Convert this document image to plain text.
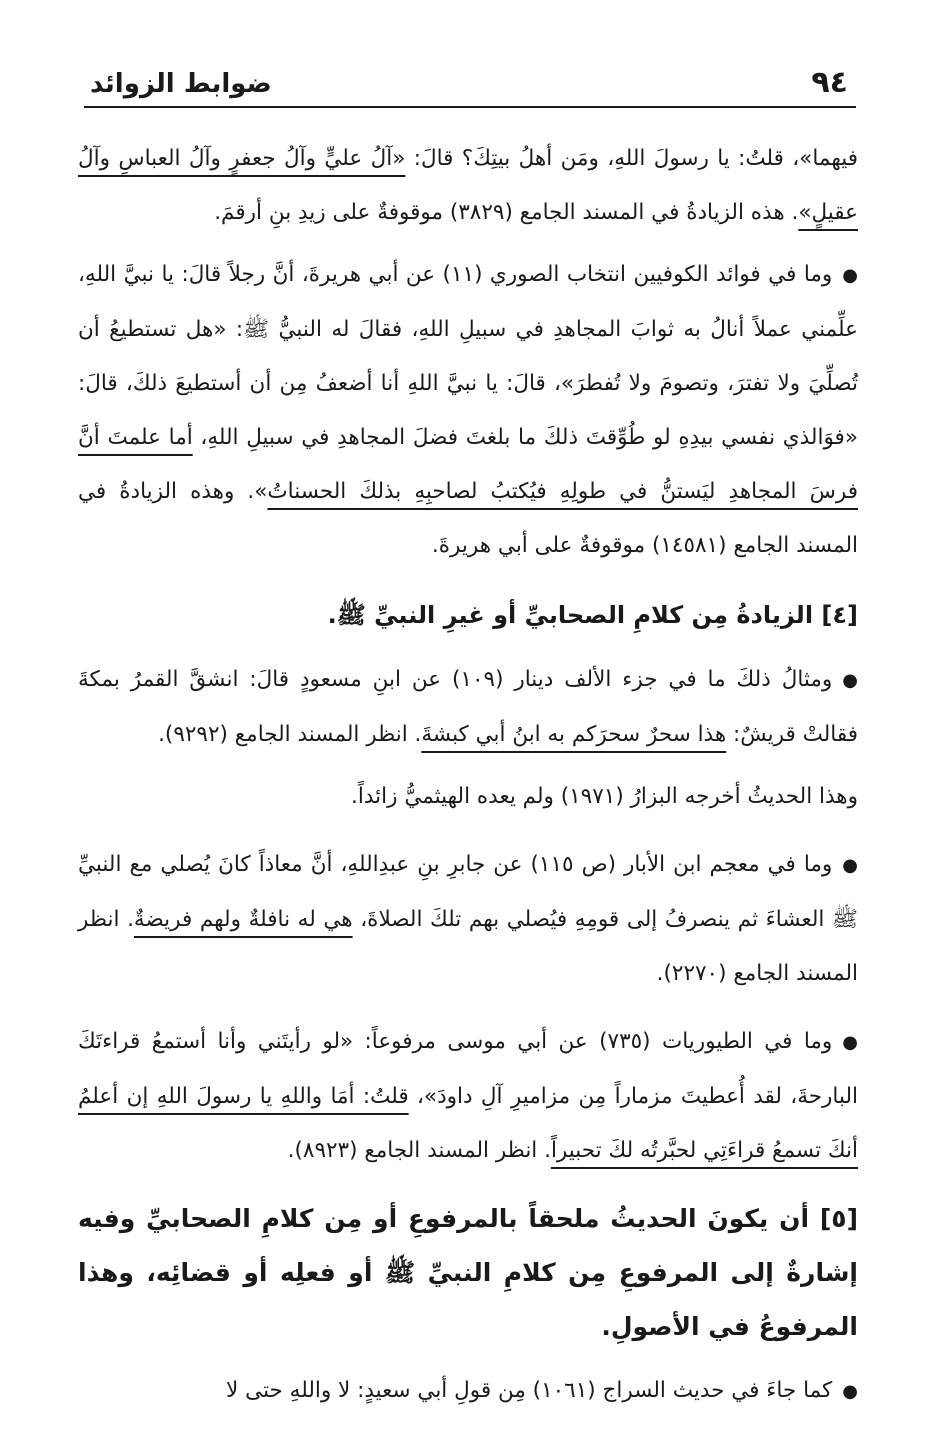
٩٤
ضوابط الزوائد

فيهما»، قلتُ: يا رسولَ اللهِ، ومَن أهلُ بيتِكَ؟ قالَ: «آلُ عليٍّ وآلُ جعفرٍ وآلُ العباسِ وآلُ عقيلٍ». هذه الزيادةُ في المسند الجامع (٣٨٢٩) موقوفةٌ على زيدِ بنِ أرقمَ.

●وما في فوائد الكوفيين انتخاب الصوري (١١) عن أبي هريرةَ، أنَّ رجلاً قالَ: يا نبيَّ اللهِ، علِّمني عملاً أنالُ به ثوابَ المجاهدِ في سبيلِ اللهِ، فقالَ له النبيُّ ﷺ: «هل تستطيعُ أن تُصلِّيَ ولا تفترَ، وتصومَ ولا تُفطرَ»، قالَ: يا نبيَّ اللهِ أنا أضعفُ مِن أن أستطيعَ ذلكَ، قالَ: «فوَالذي نفسي بيدِهِ لو طُوِّقتَ ذلكَ ما بلغتَ فضلَ المجاهدِ في سبيلِ اللهِ، أما علمتَ أنَّ فرسَ المجاهدِ ليَستنُّ في طولِهِ فيُكتبُ لصاحبِهِ بذلكَ الحسناتُ». وهذه الزيادةُ في المسند الجامع (١٤٥٨١) موقوفةٌ على أبي هريرةَ.

[٤] الزيادةُ مِن كلامِ الصحابيِّ أو غيرِ النبيِّ ﷺ.

●ومثالُ ذلكَ ما في جزء الألف دينار (١٠٩) عن ابنِ مسعودٍ قالَ: انشقَّ القمرُ بمكةَ فقالتْ قريشٌ: هذا سحرٌ سحرَكم به ابنُ أبي كبشةَ. انظر المسند الجامع (٩٢٩٢).

وهذا الحديثُ أخرجه البزارُ (١٩٧١) ولم يعده الهيثميُّ زائداً.

●وما في معجم ابن الأبار (ص ١١٥) عن جابرِ بنِ عبدِاللهِ، أنَّ معاذاً كانَ يُصلي مع النبيِّ ﷺ العشاءَ ثم ينصرفُ إلى قومِهِ فيُصلي بهم تلكَ الصلاةَ، هي له نافلةٌ ولهم فريضةٌ. انظر المسند الجامع (٢٢٧٠).

●وما في الطيوريات (٧٣٥) عن أبي موسى مرفوعاً: «لو رأيتَني وأنا أستمعُ قراءتَكَ البارحةَ، لقد أُعطيتَ مزماراً مِن مزاميرِ آلِ داودَ»، قلتُ: أمَا واللهِ يا رسولَ اللهِ إن أعلمُ أنكَ تسمعُ قراءَتِي لحبَّرتُه لكَ تحبيراً. انظر المسند الجامع (٨٩٢٣).

[٥] أن يكونَ الحديثُ ملحقاً بالمرفوعِ أو مِن كلامِ الصحابيِّ وفيه إشارةٌ إلى المرفوعِ مِن كلامِ النبيِّ ﷺ أو فعلِه أو قضائِه، وهذا المرفوعُ في الأصولِ.

●كما جاءَ في حديث السراج (١٠٦١) مِن قولِ أبي سعيدٍ: لا واللهِ حتى لا
